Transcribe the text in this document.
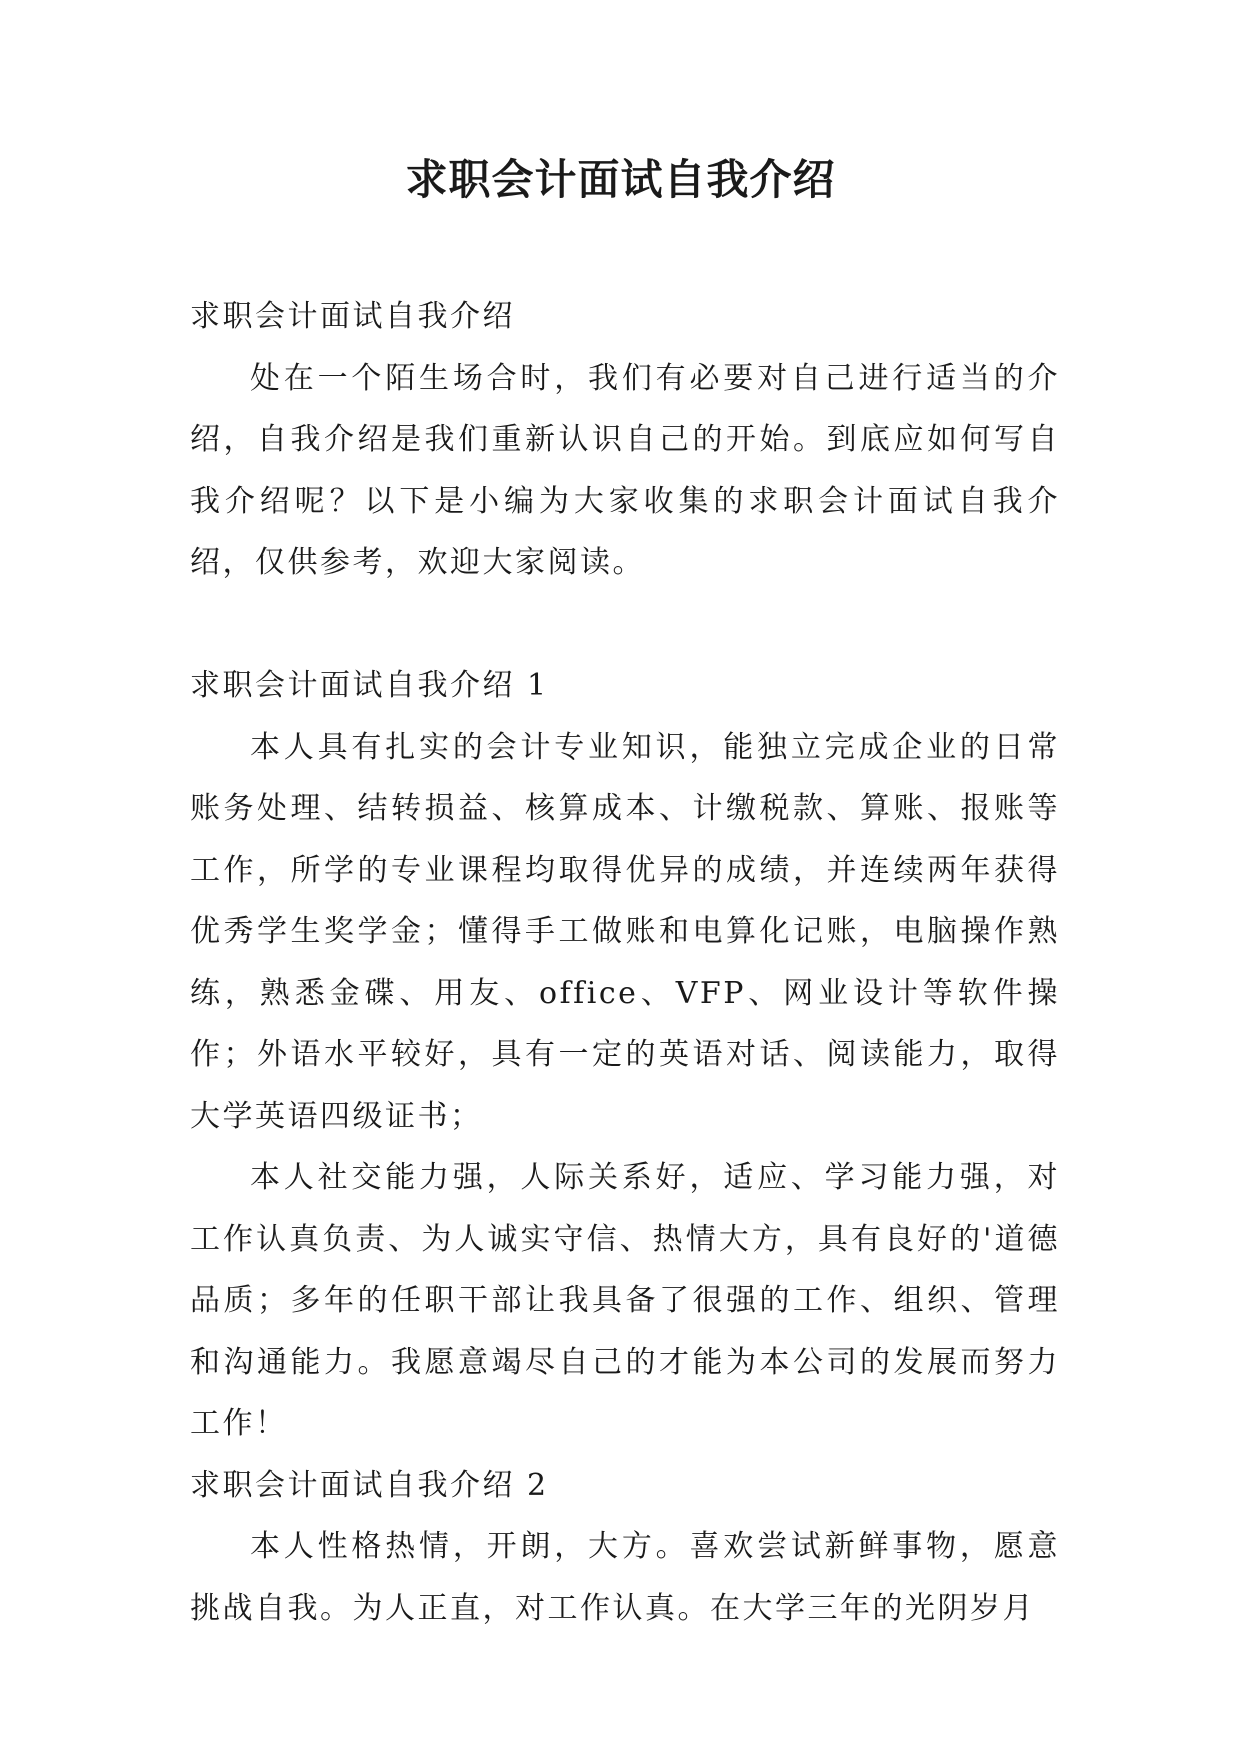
求职会计面试自我介绍

求职会计面试自我介绍

处在一个陌生场合时，我们有必要对自己进行适当的介绍，自我介绍是我们重新认识自己的开始。到底应如何写自我介绍呢？以下是小编为大家收集的求职会计面试自我介绍，仅供参考，欢迎大家阅读。

求职会计面试自我介绍 1

本人具有扎实的会计专业知识，能独立完成企业的日常账务处理、结转损益、核算成本、计缴税款、算账、报账等工作，所学的专业课程均取得优异的成绩，并连续两年获得优秀学生奖学金；懂得手工做账和电算化记账，电脑操作熟练，熟悉金碟、用友、office、VFP、网业设计等软件操作；外语水平较好，具有一定的英语对话、阅读能力，取得大学英语四级证书；

本人社交能力强，人际关系好，适应、学习能力强，对工作认真负责、为人诚实守信、热情大方，具有良好的'道德品质；多年的任职干部让我具备了很强的工作、组织、管理和沟通能力。我愿意竭尽自己的才能为本公司的发展而努力工作！

求职会计面试自我介绍 2

本人性格热情，开朗，大方。喜欢尝试新鲜事物，愿意挑战自我。为人正直，对工作认真。在大学三年的光阴岁月
